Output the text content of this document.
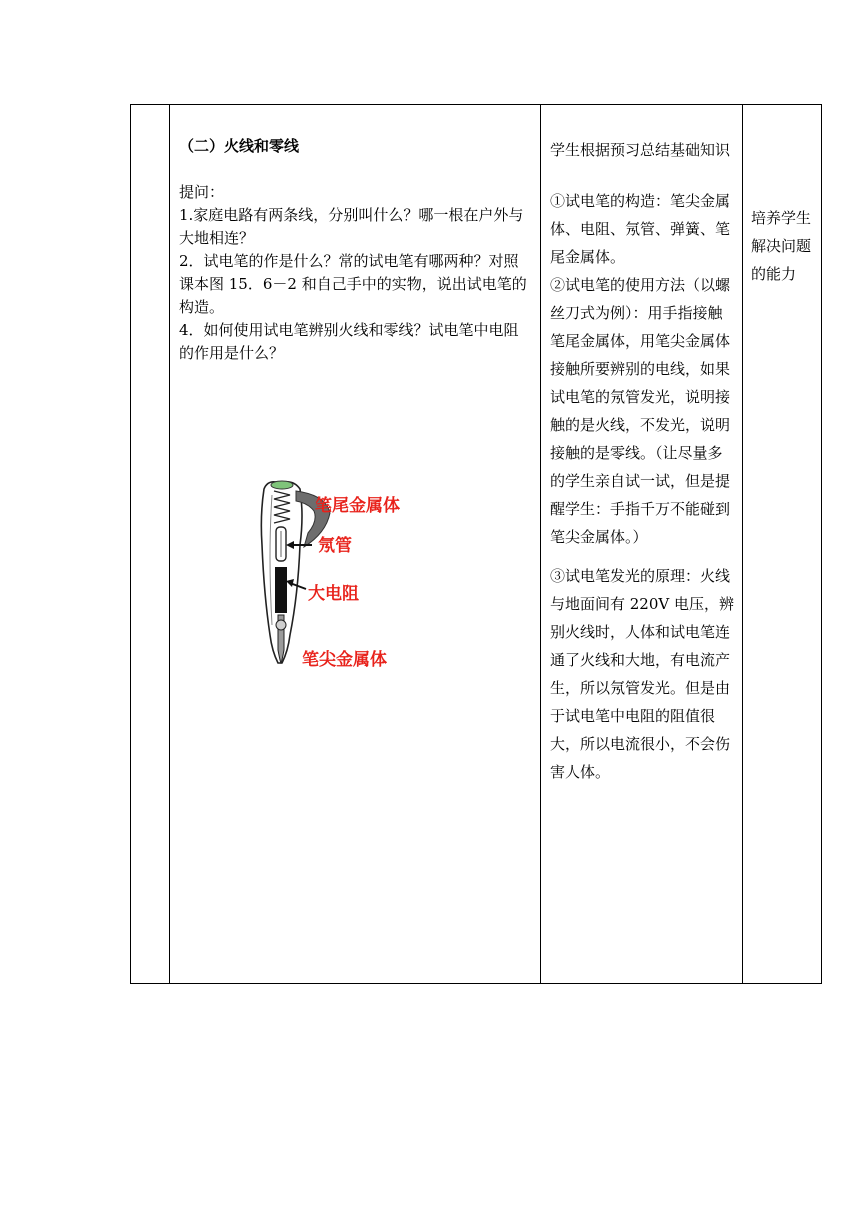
（二）火线和零线

提问：

1.家庭电路有两条线，分别叫什么？哪一根在户外与大地相连？

2．试电笔的作是什么？常的试电笔有哪两种？对照课本图 15．6－2 和自己手中的实物，说出试电笔的构造。

4．如何使用试电笔辨别火线和零线？试电笔中电阻的作用是什么？

笔尾金属体
氖管
大电阻
笔尖金属体

学生根据预习总结基础知识

①试电笔的构造：笔尖金属体、电阻、氖管、弹簧、笔尾金属体。

②试电笔的使用方法（以螺丝刀式为例）：用手指接触笔尾金属体，用笔尖金属体接触所要辨别的电线，如果试电笔的氖管发光，说明接触的是火线，不发光，说明接触的是零线。（让尽量多的学生亲自试一试，但是提醒学生：手指千万不能碰到笔尖金属体。）

③试电笔发光的原理：火线与地面间有 220V 电压，辨别火线时，人体和试电笔连通了火线和大地，有电流产生，所以氖管发光。但是由于试电笔中电阻的阻值很大，所以电流很小，不会伤害人体。

培养学生解决问题的能力
